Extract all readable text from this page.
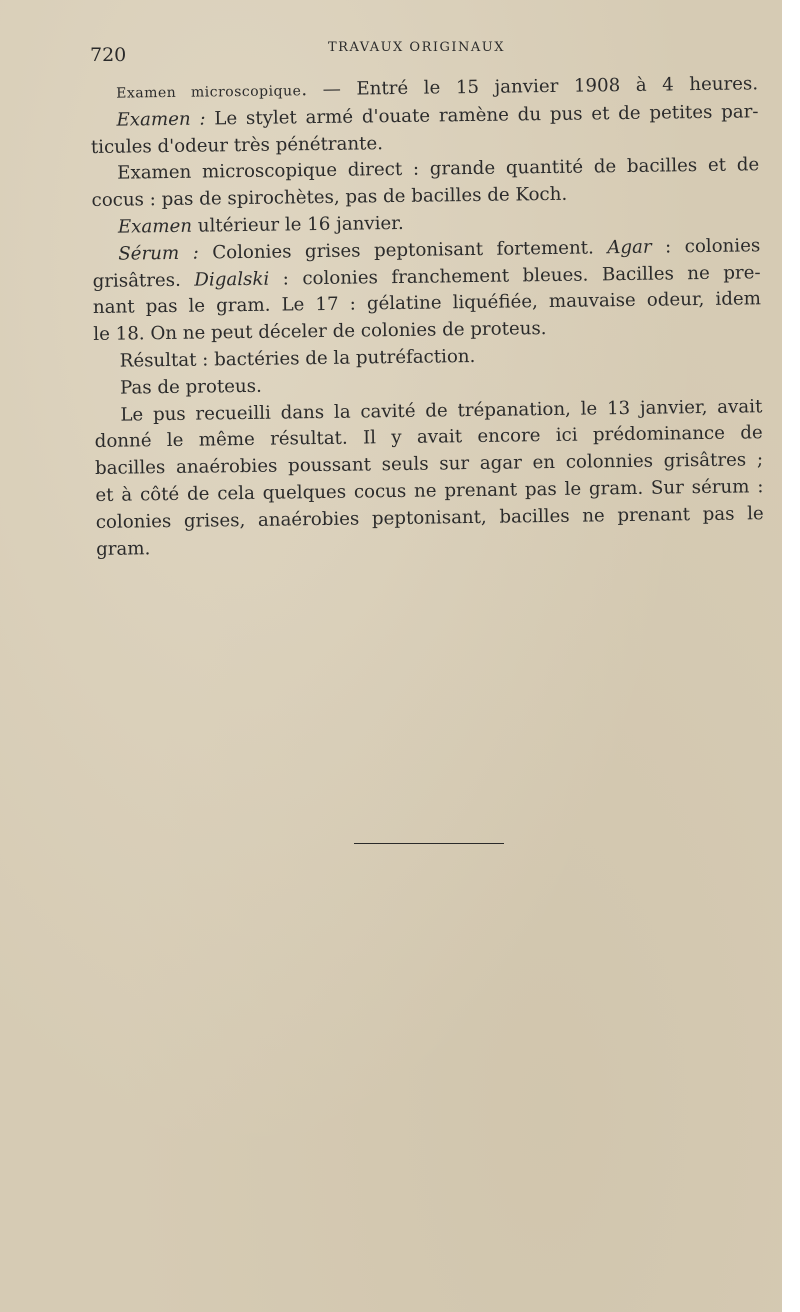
720	TRAVAUX ORIGINAUX
Examen microscopique. — Entré le 15 janvier 1908 à 4 heures.
Examen : Le stylet armé d'ouate ramène du pus et de petites par-
ticules d'odeur très pénétrante.
Examen microscopique direct : grande quantité de bacilles et de
cocus : pas de spirochètes, pas de bacilles de Koch.
Examen ultérieur le 16 janvier.
Sérum : Colonies grises peptonisant fortement. Agar : colonies
grisâtres. Digalski : colonies franchement bleues. Bacilles ne pre-
nant pas le gram. Le 17 : gélatine liquéfiée, mauvaise odeur, idem
le 18. On ne peut déceler de colonies de proteus.
Résultat : bactéries de la putréfaction.
Pas de proteus.
Le pus recueilli dans la cavité de trépanation, le 13 janvier, avait
donné le même résultat. Il y avait encore ici prédominance de
bacilles anaérobies poussant seuls sur agar en colonnies grisâtres ;
et à côté de cela quelques cocus ne prenant pas le gram. Sur sérum :
colonies grises, anaérobies peptonisant, bacilles ne prenant pas le
gram.
